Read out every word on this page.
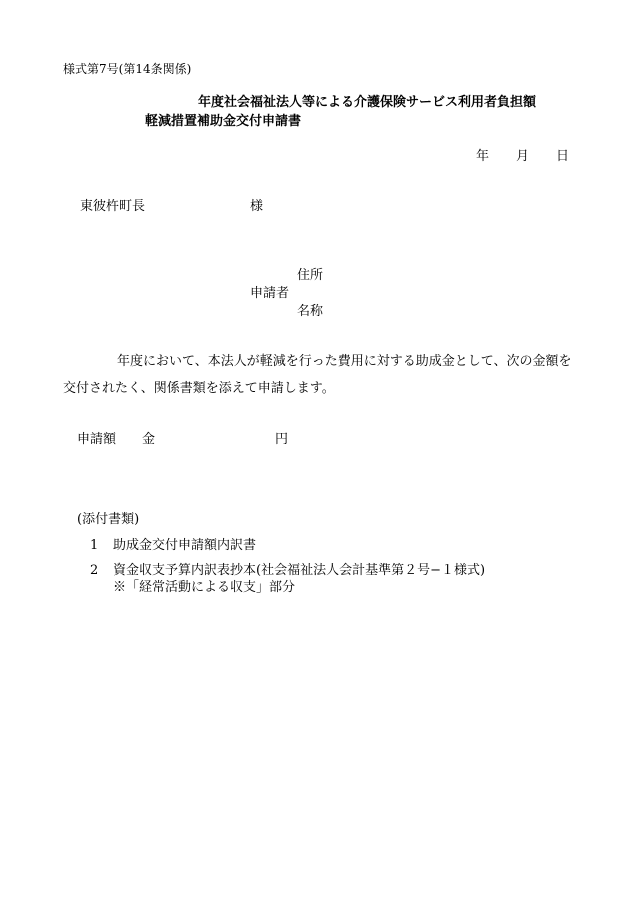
様式第7号(第14条関係)
年度社会福祉法人等による介護保険サービス利用者負担額
軽減措置補助金交付申請書
年 月 日
東彼杵町長	様
住所
申請者
名称
年度において、本法人が軽減を行った費用に対する助成金として、次の金額を
交付されたく、関係書類を添えて申請します。
申請額 金	円
(添付書類)
1 助成金交付申請額内訳書
2 資金収支予算内訳表抄本(社会福祉法人会計基準第２号−１様式)
※「経常活動による収支」部分
